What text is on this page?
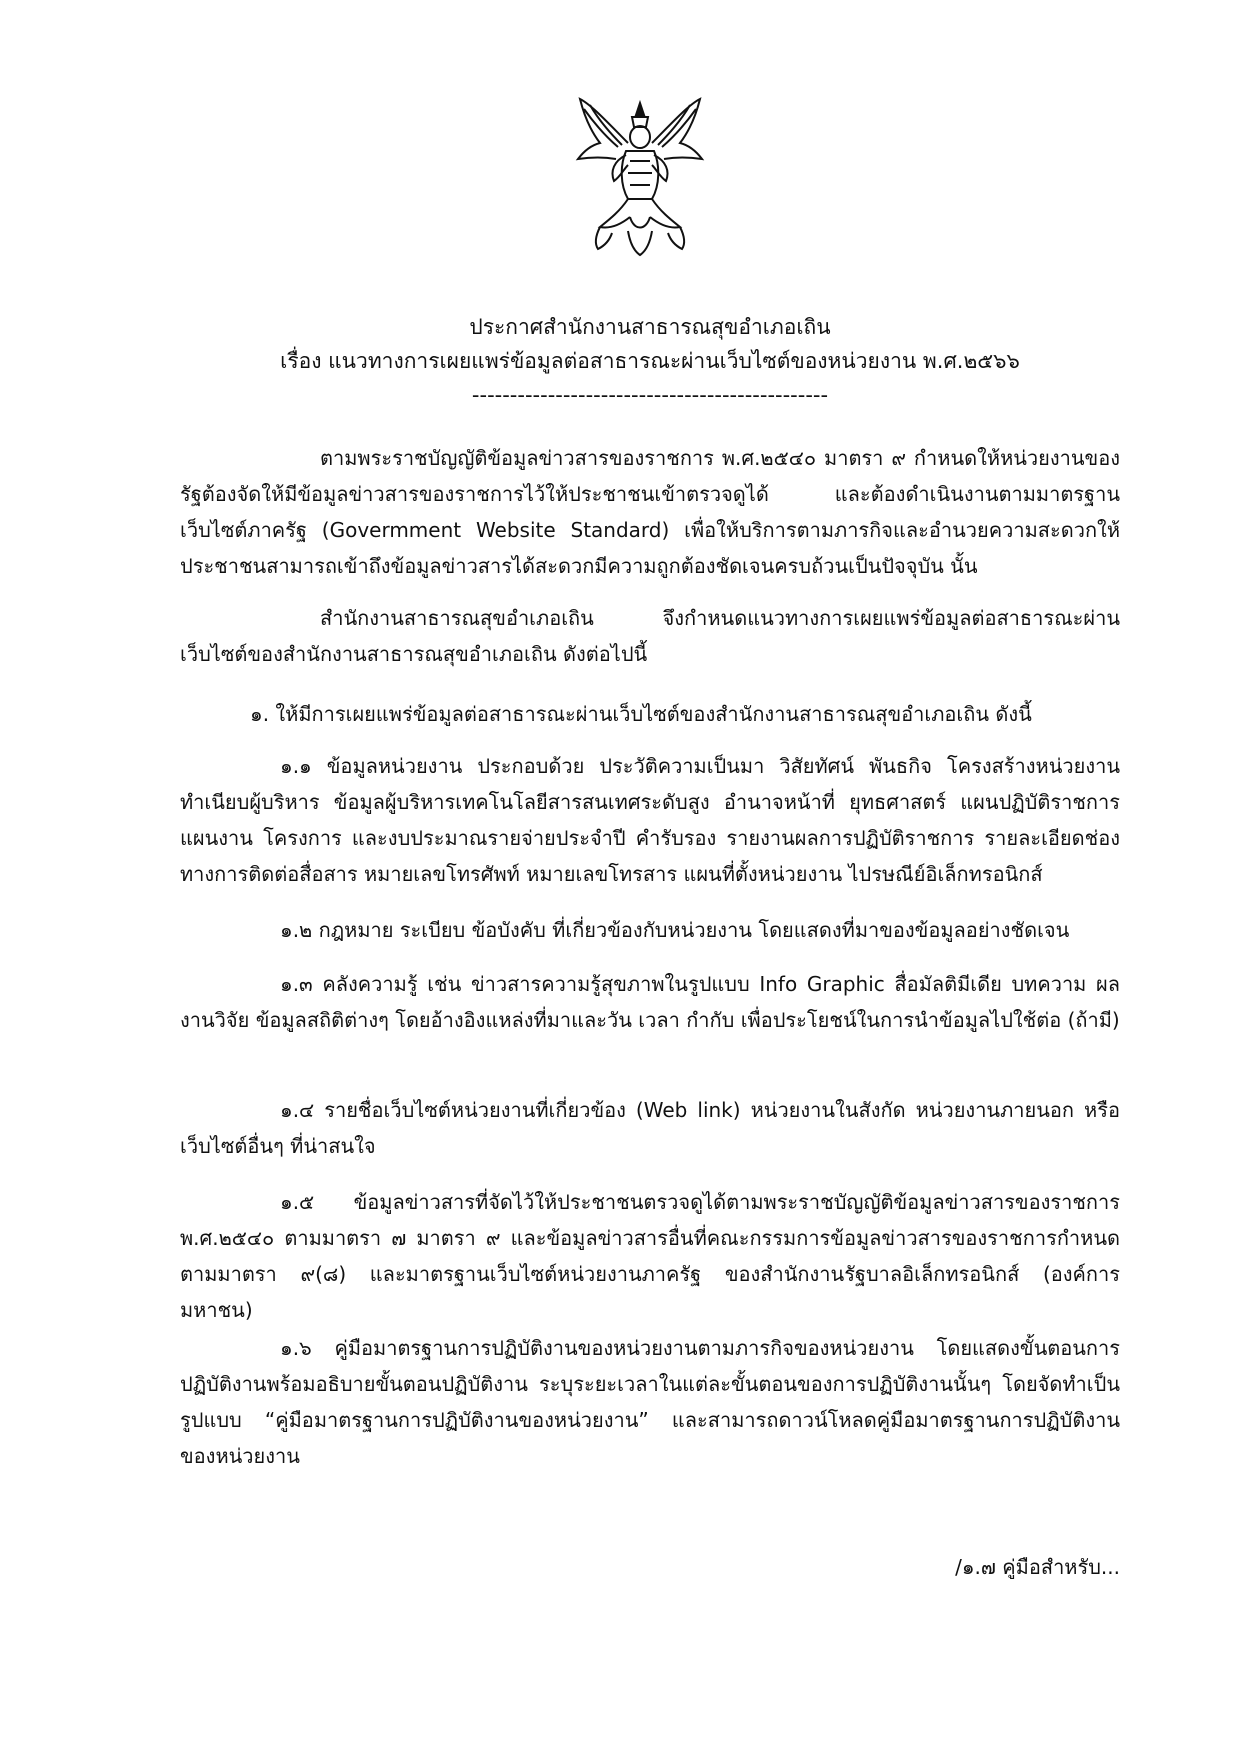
ประกาศสำนักงานสาธารณสุขอำเภอเถิน
เรื่อง แนวทางการเผยแพร่ข้อมูลต่อสาธารณะผ่านเว็บไซต์ของหน่วยงาน พ.ศ.๒๕๖๖
-----------------------------------------------

ตามพระราชบัญญัติข้อมูลข่าวสารของราชการ พ.ศ.๒๕๔๐ มาตรา ๙ กำหนดให้หน่วยงานของรัฐต้องจัดให้มีข้อมูลข่าวสารของราชการไว้ให้ประชาชนเข้าตรวจดูได้ และต้องดำเนินงานตามมาตรฐานเว็บไซต์ภาครัฐ (Govermment Website Standard) เพื่อให้บริการตามภารกิจและอำนวยความสะดวกให้ประชาชนสามารถเข้าถึงข้อมูลข่าวสารได้สะดวกมีความถูกต้องชัดเจนครบถ้วนเป็นปัจจุบัน นั้น

สำนักงานสาธารณสุขอำเภอเถิน จึงกำหนดแนวทางการเผยแพร่ข้อมูลต่อสาธารณะผ่านเว็บไซต์ของสำนักงานสาธารณสุขอำเภอเถิน ดังต่อไปนี้

๑. ให้มีการเผยแพร่ข้อมูลต่อสาธารณะผ่านเว็บไซต์ของสำนักงานสาธารณสุขอำเภอเถิน ดังนี้

๑.๑ ข้อมูลหน่วยงาน ประกอบด้วย ประวัติความเป็นมา วิสัยทัศน์ พันธกิจ โครงสร้างหน่วยงาน ทำเนียบผู้บริหาร ข้อมูลผู้บริหารเทคโนโลยีสารสนเทศระดับสูง อำนาจหน้าที่ ยุทธศาสตร์ แผนปฏิบัติราชการ แผนงาน โครงการ และงบประมาณรายจ่ายประจำปี คำรับรอง รายงานผลการปฏิบัติราชการ รายละเอียดช่องทางการติดต่อสื่อสาร หมายเลขโทรศัพท์ หมายเลขโทรสาร แผนที่ตั้งหน่วยงาน ไปรษณีย์อิเล็กทรอนิกส์

๑.๒ กฎหมาย ระเบียบ ข้อบังคับ ที่เกี่ยวข้องกับหน่วยงาน โดยแสดงที่มาของข้อมูลอย่างชัดเจน

๑.๓ คลังความรู้ เช่น ข่าวสารความรู้สุขภาพในรูปแบบ Info Graphic สื่อมัลติมีเดีย บทความ ผลงานวิจัย ข้อมูลสถิติต่างๆ โดยอ้างอิงแหล่งที่มาและวัน เวลา กำกับ เพื่อประโยชน์ในการนำข้อมูลไปใช้ต่อ (ถ้ามี)

๑.๔ รายชื่อเว็บไซต์หน่วยงานที่เกี่ยวข้อง (Web link) หน่วยงานในสังกัด หน่วยงานภายนอก หรือเว็บไซต์อื่นๆ ที่น่าสนใจ

๑.๕ ข้อมูลข่าวสารที่จัดไว้ให้ประชาชนตรวจดูได้ตามพระราชบัญญัติข้อมูลข่าวสารของราชการ พ.ศ.๒๕๔๐ ตามมาตรา ๗ มาตรา ๙ และข้อมูลข่าวสารอื่นที่คณะกรรมการข้อมูลข่าวสารของราชการกำหนด ตามมาตรา ๙(๘) และมาตรฐานเว็บไซต์หน่วยงานภาครัฐ ของสำนักงานรัฐบาลอิเล็กทรอนิกส์ (องค์การมหาชน)

๑.๖ คู่มือมาตรฐานการปฏิบัติงานของหน่วยงานตามภารกิจของหน่วยงาน โดยแสดงขั้นตอนการปฏิบัติงานพร้อมอธิบายขั้นตอนปฏิบัติงาน ระบุระยะเวลาในแต่ละขั้นตอนของการปฏิบัติงานนั้นๆ โดยจัดทำเป็นรูปแบบ “คู่มือมาตรฐานการปฏิบัติงานของหน่วยงาน” และสามารถดาวน์โหลดคู่มือมาตรฐานการปฏิบัติงานของหน่วยงาน

/๑.๗ คู่มือสำหรับ...
